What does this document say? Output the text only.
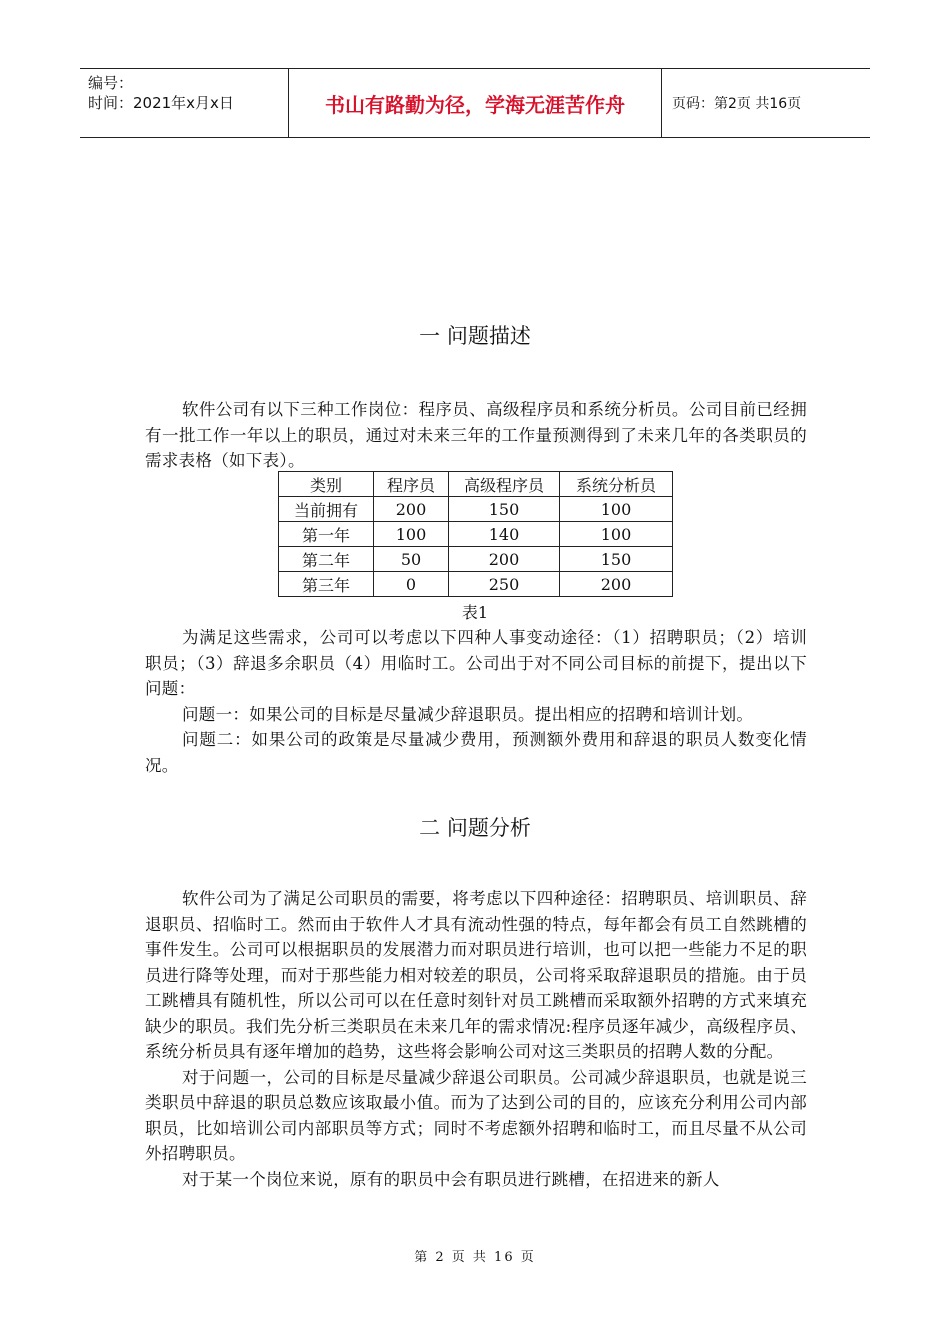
编号：
时间：2021年x月x日	书山有路勤为径，学海无涯苦作舟	页码：第2页 共16页
一 问题描述

软件公司有以下三种工作岗位：程序员、高级程序员和系统分析员。公司目前已经拥有一批工作一年以上的职员，通过对未来三年的工作量预测得到了未来几年的各类职员的需求表格（如下表）。

类别	程序员	高级程序员	系统分析员
当前拥有	200	150	100
第一年	100	140	100
第二年	50	200	150
第三年	0	250	200
表1

为满足这些需求，公司可以考虑以下四种人事变动途径：（1）招聘职员；（2）培训职员；（3）辞退多余职员（4）用临时工。公司出于对不同公司目标的前提下，提出以下问题：

问题一：如果公司的目标是尽量减少辞退职员。提出相应的招聘和培训计划。

问题二：如果公司的政策是尽量减少费用，预测额外费用和辞退的职员人数变化情况。

二 问题分析

软件公司为了满足公司职员的需要，将考虑以下四种途径：招聘职员、培训职员、辞退职员、招临时工。然而由于软件人才具有流动性强的特点，每年都会有员工自然跳槽的事件发生。公司可以根据职员的发展潜力而对职员进行培训，也可以把一些能力不足的职员进行降等处理，而对于那些能力相对较差的职员，公司将采取辞退职员的措施。由于员工跳槽具有随机性，所以公司可以在任意时刻针对员工跳槽而采取额外招聘的方式来填充缺少的职员。我们先分析三类职员在未来几年的需求情况:程序员逐年减少，高级程序员、系统分析员具有逐年增加的趋势，这些将会影响公司对这三类职员的招聘人数的分配。

对于问题一，公司的目标是尽量减少辞退公司职员。公司减少辞退职员，也就是说三类职员中辞退的职员总数应该取最小值。而为了达到公司的目的，应该充分利用公司内部职员，比如培训公司内部职员等方式；同时不考虑额外招聘和临时工，而且尽量不从公司外招聘职员。

对于某一个岗位来说，原有的职员中会有职员进行跳槽，在招进来的新人

第 2 页 共 16 页
